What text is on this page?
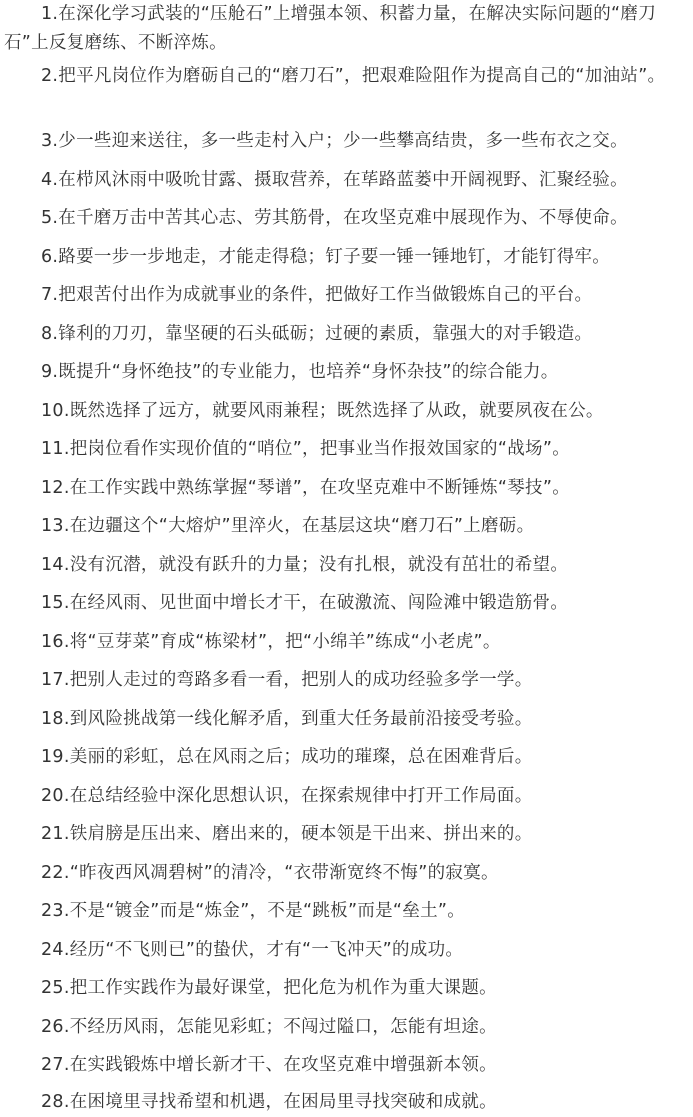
1.在深化学习武装的“压舱石”上增强本领、积蓄力量，在解决实际问题的“磨刀石”上反复磨练、不断淬炼。

2.把平凡岗位作为磨砺自己的“磨刀石”，把艰难险阻作为提高自己的“加油站”。

3.少一些迎来送往，多一些走村入户；少一些攀高结贵，多一些布衣之交。

4.在栉风沐雨中吸吮甘露、摄取营养，在荜路蓝蒌中开阔视野、汇聚经验。

5.在千磨万击中苦其心志、劳其筋骨，在攻坚克难中展现作为、不辱使命。

6.路要一步一步地走，才能走得稳；钉子要一锤一锤地钉，才能钉得牢。

7.把艰苦付出作为成就事业的条件，把做好工作当做锻炼自己的平台。

8.锋利的刀刃，靠坚硬的石头砥砺；过硬的素质，靠强大的对手锻造。

9.既提升“身怀绝技”的专业能力，也培养“身怀杂技”的综合能力。

10.既然选择了远方，就要风雨兼程；既然选择了从政，就要夙夜在公。

11.把岗位看作实现价值的“哨位”，把事业当作报效国家的“战场”。

12.在工作实践中熟练掌握“琴谱”，在攻坚克难中不断锤炼“琴技”。

13.在边疆这个“大熔炉”里淬火，在基层这块“磨刀石”上磨砺。

14.没有沉潜，就没有跃升的力量；没有扎根，就没有茁壮的希望。

15.在经风雨、见世面中增长才干，在破激流、闯险滩中锻造筋骨。

16.将“豆芽菜”育成“栋梁材”，把“小绵羊”练成“小老虎”。

17.把别人走过的弯路多看一看，把别人的成功经验多学一学。

18.到风险挑战第一线化解矛盾，到重大任务最前沿接受考验。

19.美丽的彩虹，总在风雨之后；成功的璀璨，总在困难背后。

20.在总结经验中深化思想认识，在探索规律中打开工作局面。

21.铁肩膀是压出来、磨出来的，硬本领是干出来、拼出来的。

22.“昨夜西风凋碧树”的清冷，“衣带渐宽终不悔”的寂寞。

23.不是“镀金”而是“炼金”，不是“跳板”而是“垒土”。

24.经历“不飞则已”的蛰伏，才有“一飞冲天”的成功。

25.把工作实践作为最好课堂，把化危为机作为重大课题。

26.不经历风雨，怎能见彩虹；不闯过隘口，怎能有坦途。

27.在实践锻炼中增长新才干、在攻坚克难中增强新本领。

28.在困境里寻找希望和机遇，在困局里寻找突破和成就。
